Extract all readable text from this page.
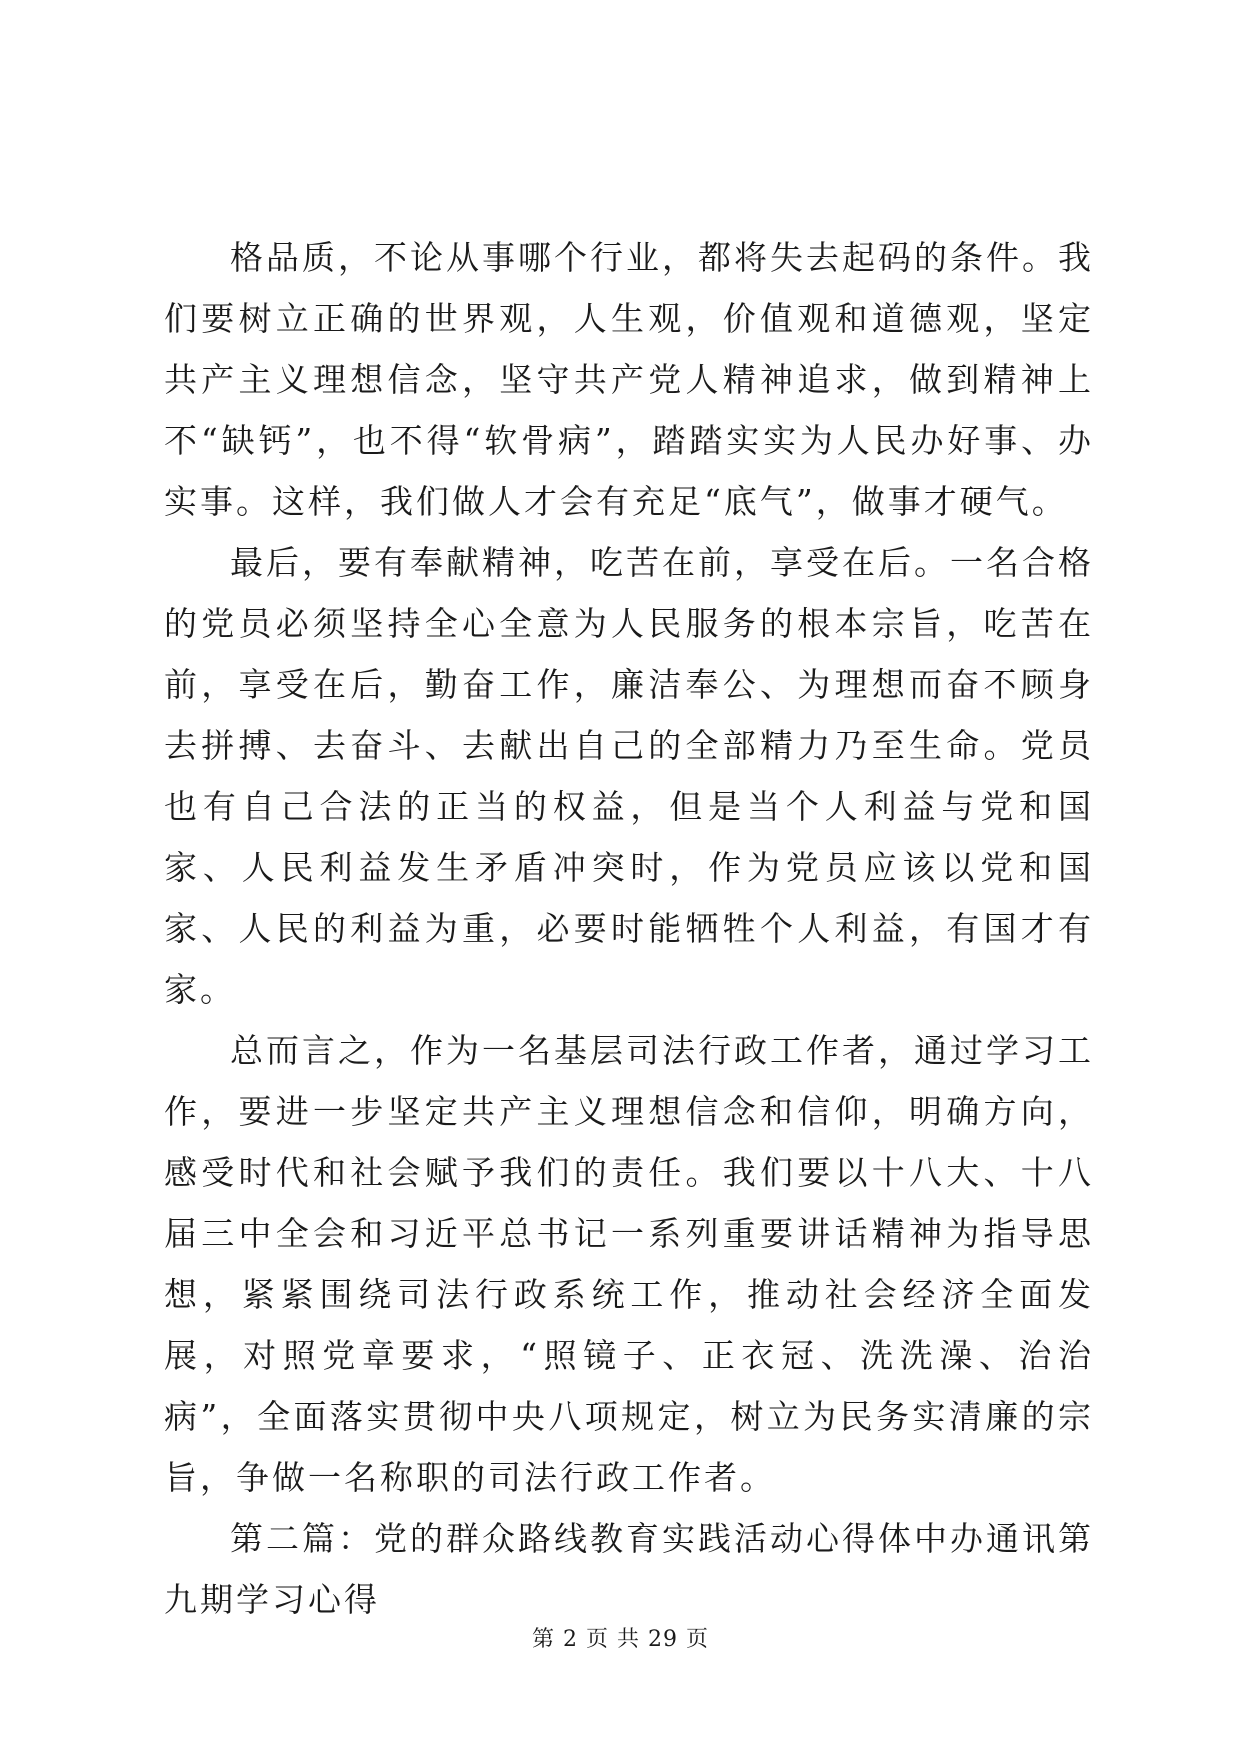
格品质，不论从事哪个行业，都将失去起码的条件。我们要树立正确的世界观，人生观，价值观和道德观，坚定共产主义理想信念，坚守共产党人精神追求，做到精神上不“缺钙”，也不得“软骨病”，踏踏实实为人民办好事、办实事。这样，我们做人才会有充足“底气”，做事才硬气。

最后，要有奉献精神，吃苦在前，享受在后。一名合格的党员必须坚持全心全意为人民服务的根本宗旨，吃苦在前，享受在后，勤奋工作，廉洁奉公、为理想而奋不顾身去拼搏、去奋斗、去献出自己的全部精力乃至生命。党员也有自己合法的正当的权益，但是当个人利益与党和国家、人民利益发生矛盾冲突时，作为党员应该以党和国家、人民的利益为重，必要时能牺牲个人利益，有国才有家。

总而言之，作为一名基层司法行政工作者，通过学习工作，要进一步坚定共产主义理想信念和信仰，明确方向，感受时代和社会赋予我们的责任。我们要以十八大、十八届三中全会和习近平总书记一系列重要讲话精神为指导思想，紧紧围绕司法行政系统工作，推动社会经济全面发展，对照党章要求，“照镜子、正衣冠、洗洗澡、治治病”，全面落实贯彻中央八项规定，树立为民务实清廉的宗旨，争做一名称职的司法行政工作者。

第二篇：党的群众路线教育实践活动心得体中办通讯第九期学习心得

第 2 页 共 29 页
